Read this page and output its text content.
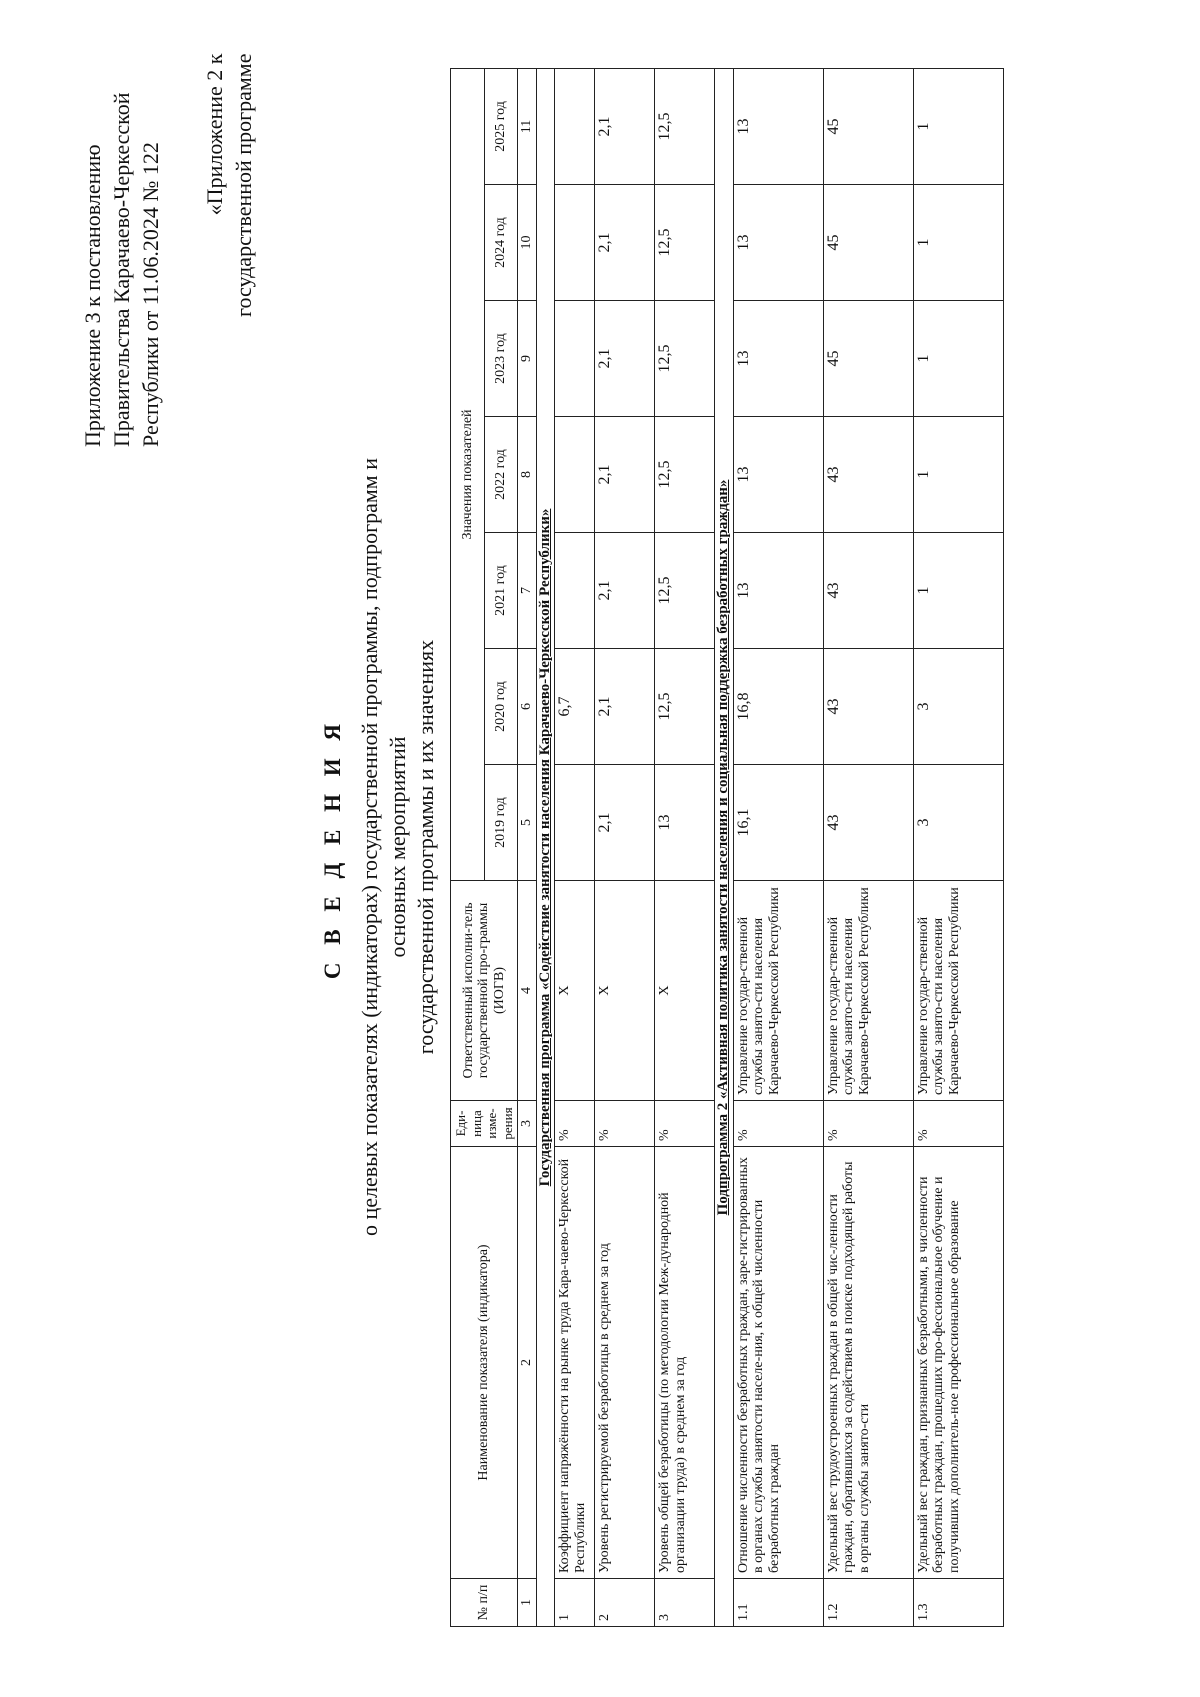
Приложение 3 к постановлению Правительства Карачаево-Черкесской Республики от 11.06.2024 № 122
«Приложение 2 к государственной программе
С В Е Д Е Н И Я о целевых показателях (индикаторах) государственной программы, подпрограмм и основных мероприятий государственной программы и их значениях
№ п/п	Наименование показателя (индикатора)	Еди-ница изме-рения	Ответственный исполни-тель государственной про-граммы (ИОГВ)	Значения показателей						
				2019 год	2020 год	2021 год	2022 год	2023 год	2024 год	2025 год
1	2	3	4	5	6	7	8	9	10	11
Государственная программа «Содействие занятости населения Карачаево-Черкесской Республики»										
1	Коэффициент напряжённости на рынке труда Кара-чаево-Черкесской Республики	%	Х		6,7					
2	Уровень регистрируемой безработицы в среднем за год	%	Х	2,1	2,1	2,1	2,1	2,1	2,1	2,1
3	Уровень общей безработицы (по методологии Меж-дународной организации труда) в среднем за год	%	Х	13	12,5	12,5	12,5	12,5	12,5	12,5
Подпрограмма 2 «Активная политика занятости населения и социальная поддержка безработных граждан»										
1.1	Отношение численности безработных граждан, заре-гистрированных в органах службы занятости населе-ния, к общей численности безработных граждан	%	Управление государ-ственной службы занято-сти населения Карачаево-Черкесской Республики	16,1	16,8	13	13	13	13	13
1.2	Удельный вес трудоустроенных граждан в общей чис-ленности граждан, обратившихся за содействием в поиске подходящей работы в органы службы занято-сти	%	Управление государ-ственной службы занято-сти населения Карачаево-Черкесской Республики	43	43	43	43	45	45	45
1.3	Удельный вес граждан, признанных безработными, в численности безработных граждан, прошедших про-фессиональное обучение и получивших дополнитель-ное профессиональное образование	%	Управление государ-ственной службы занято-сти населения Карачаево-Черкесской Республики	3	3	1	1	1	1	1
